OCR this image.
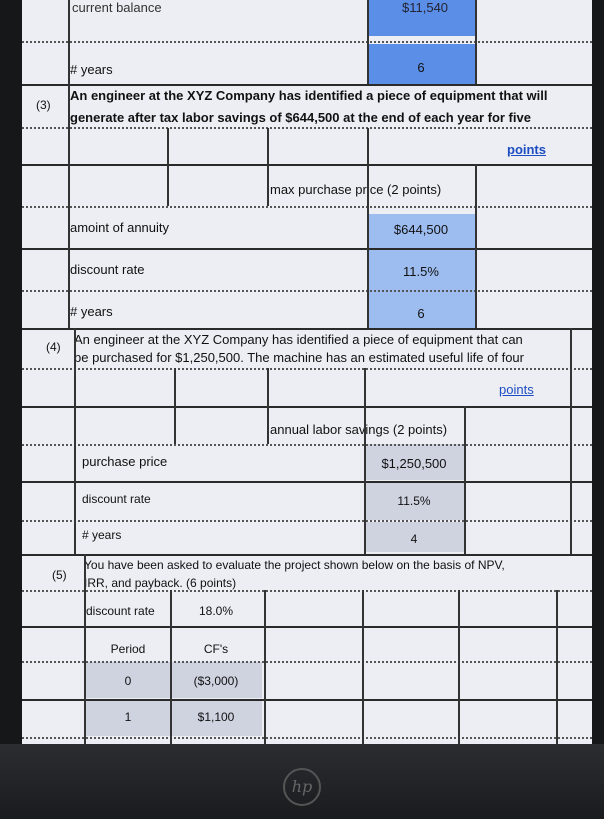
current balance	$11,540
# years	6
(3)
An engineer at the XYZ Company has identified a piece of equipment that will
generate after tax labor savings of $644,500 at the end of each year for five
points
max purchase price (2 points)
amoint of annuity	$644,500
discount rate	11.5%
# years	6
(4) An engineer at the XYZ Company has identified a piece of equipment that can
be purchased for $1,250,500. The machine has an estimated useful life of four
points
annual labor savings (2 points)
purchase price	$1,250,500
discount rate	11.5%
# years	4
(5)
You have been asked to evaluate the project shown below on the basis of NPV,
IRR, and payback. (6 points)
discount rate	18.0%
Period	CF's
0	($3,000)
1	$1,100
hp
